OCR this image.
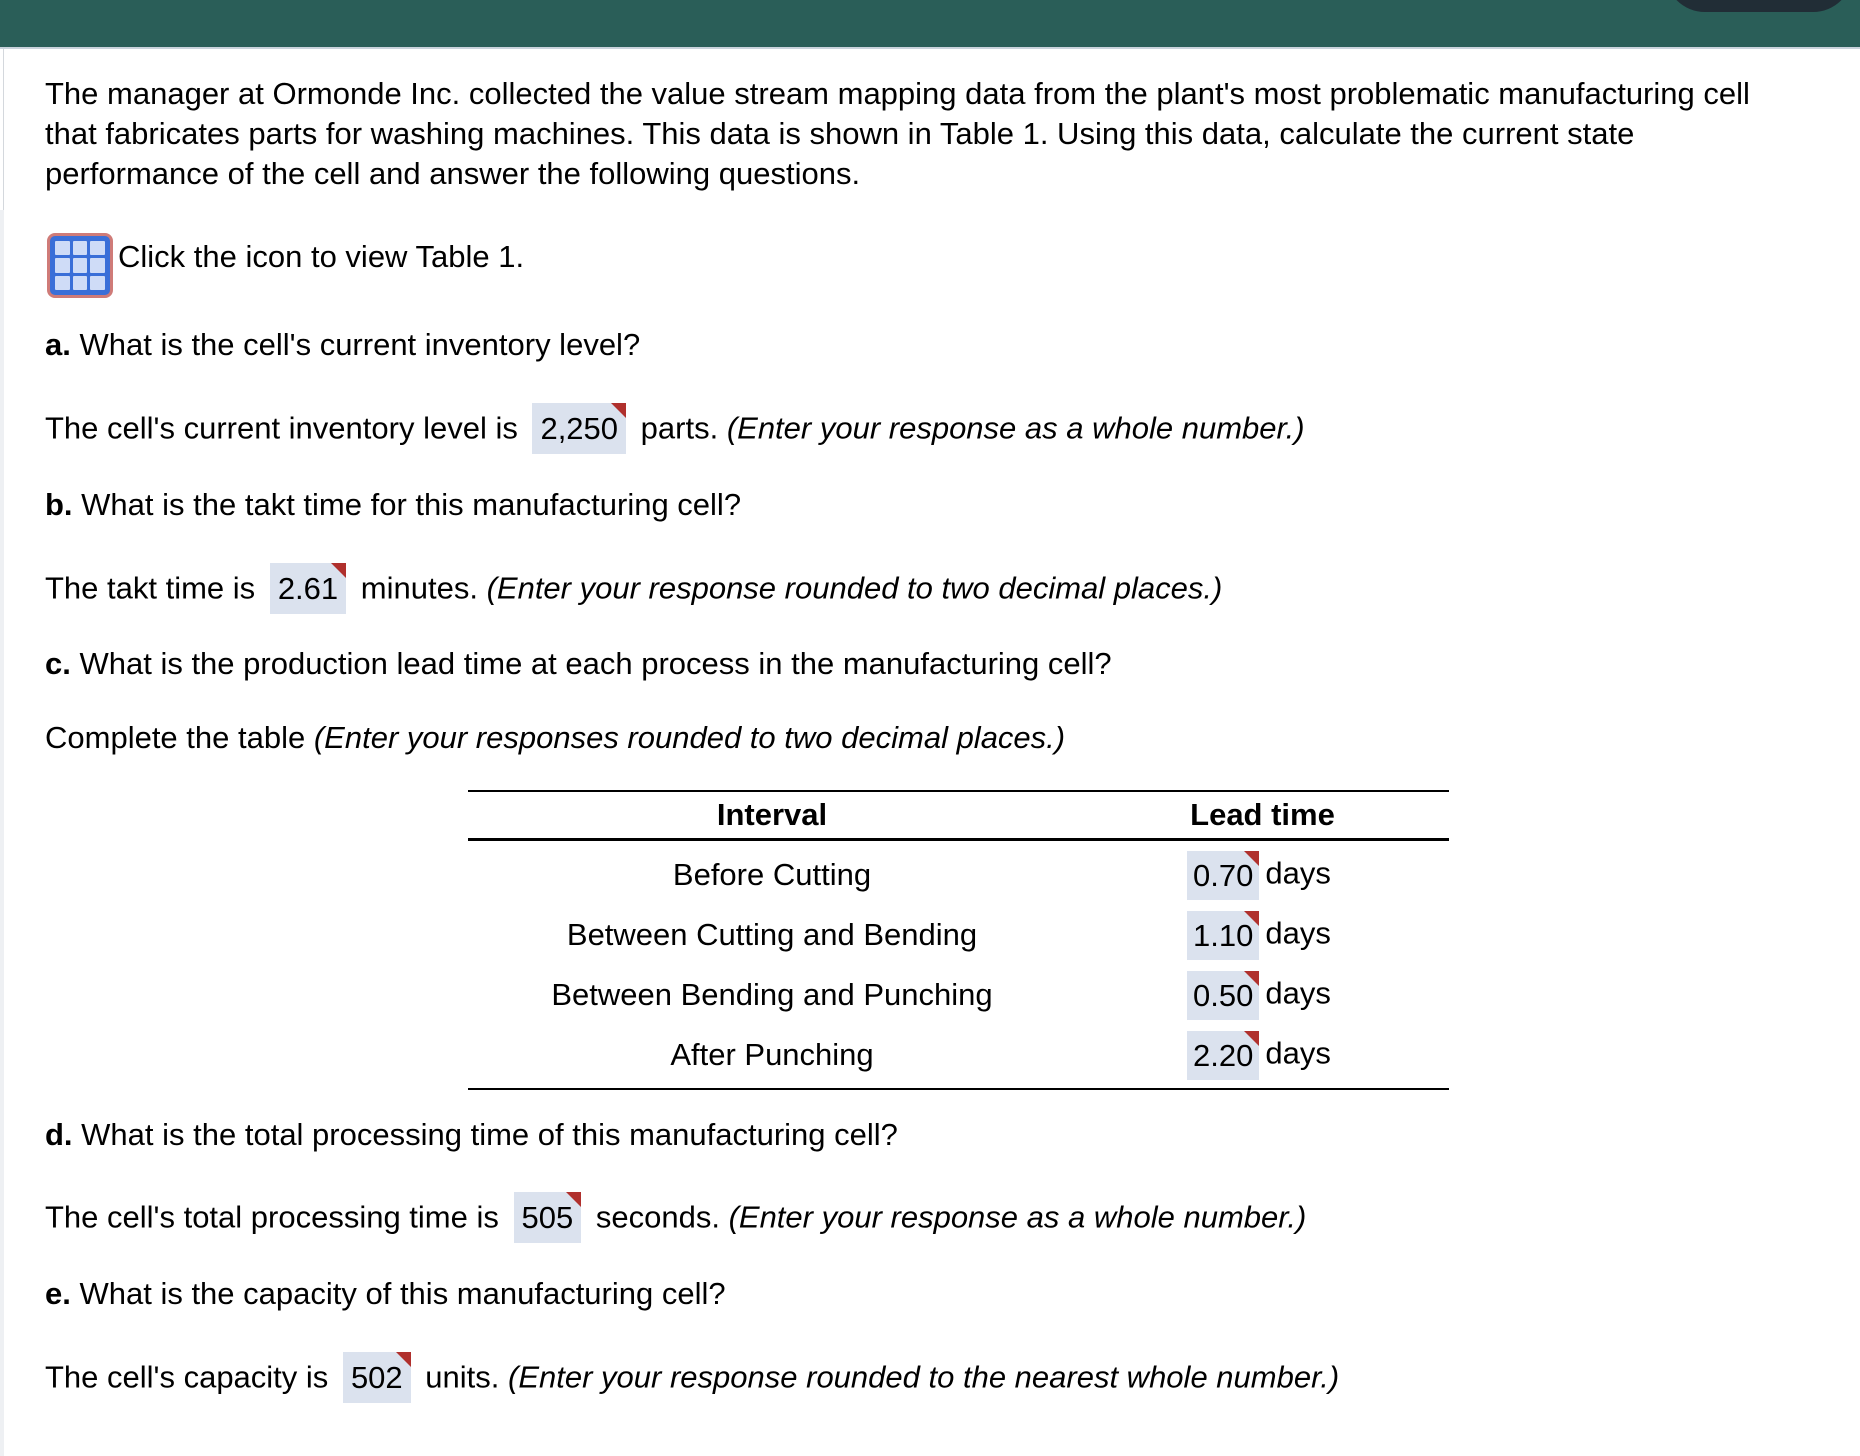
The manager at Ormonde Inc. collected the value stream mapping data from the plant's most problematic manufacturing cell
that fabricates parts for washing machines. This data is shown in Table 1. Using this data, calculate the current state
performance of the cell and answer the following questions.
Click the icon to view Table 1.
a. What is the cell's current inventory level?
The cell's current inventory level is 2,250 parts. (Enter your response as a whole number.)
b. What is the takt time for this manufacturing cell?
The takt time is 2.61 minutes. (Enter your response rounded to two decimal places.)
c. What is the production lead time at each process in the manufacturing cell?
Complete the table (Enter your responses rounded to two decimal places.)
Interval	Lead time
Before Cutting	0.70 days
Between Cutting and Bending	1.10 days
Between Bending and Punching	0.50 days
After Punching	2.20 days
d. What is the total processing time of this manufacturing cell?
The cell's total processing time is 505 seconds. (Enter your response as a whole number.)
e. What is the capacity of this manufacturing cell?
The cell's capacity is 502 units. (Enter your response rounded to the nearest whole number.)
